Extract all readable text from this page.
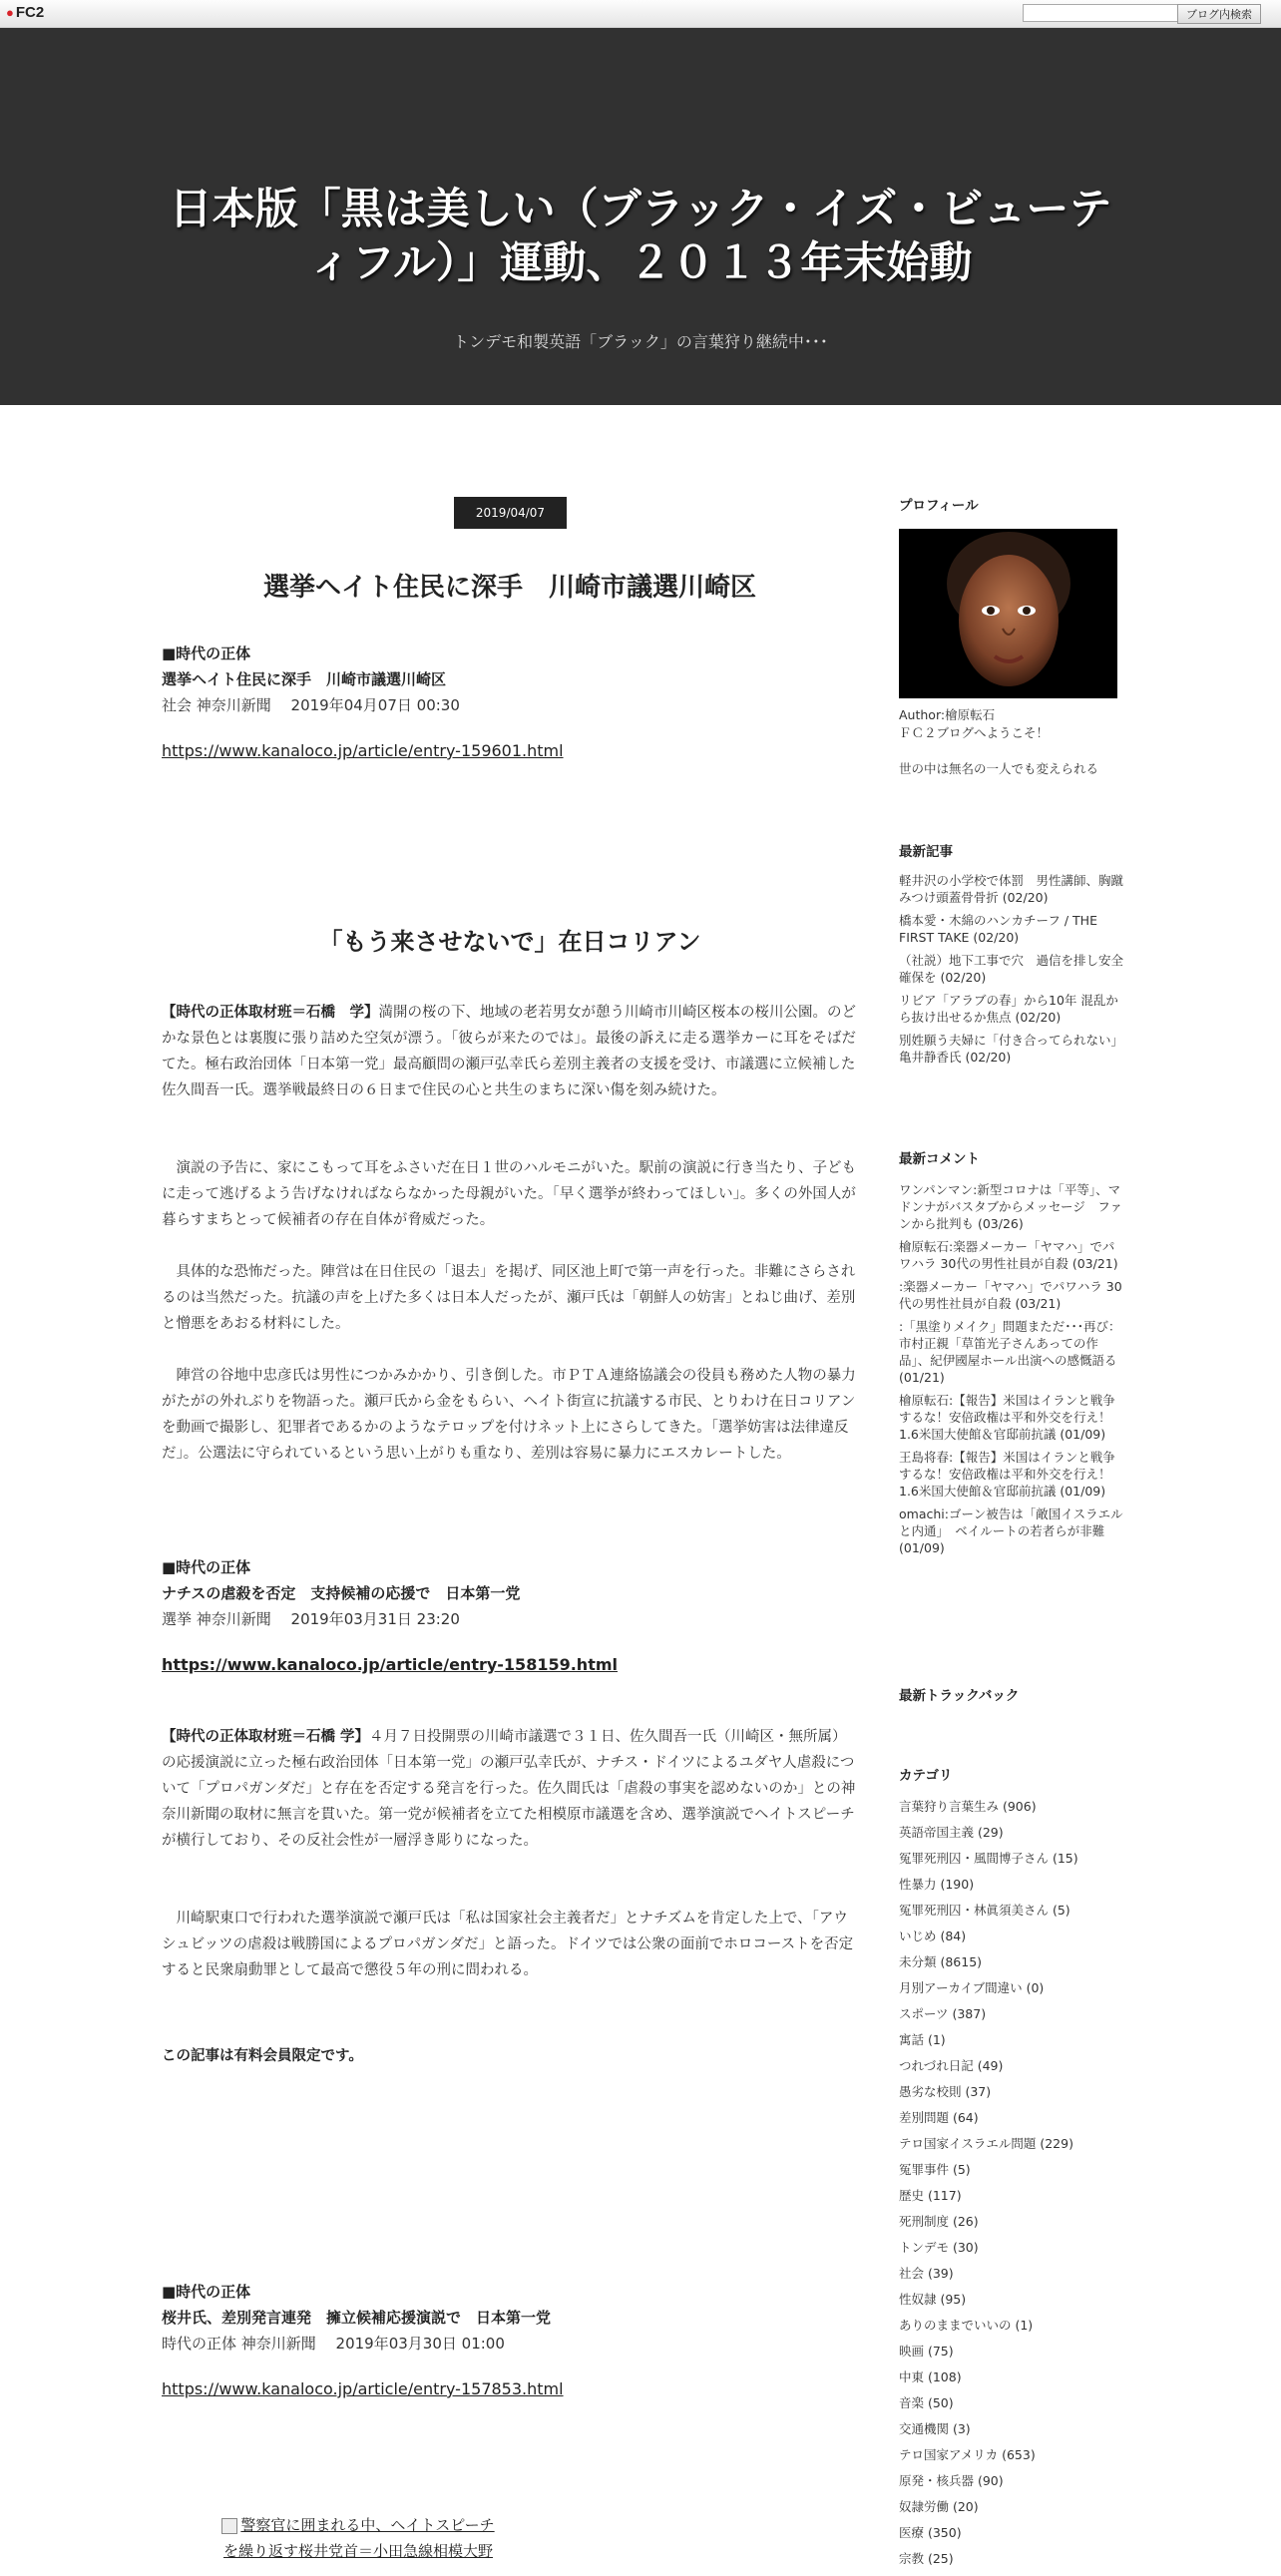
● FC2	ブログ内検索
日本版「黒は美しい（ブラック・イズ・ビューテ
ィフル）」運動、２０１３年末始動
トンデモ和製英語「ブラック」の言葉狩り継続中･･･
2019/04/07
選挙ヘイト住民に深手　川崎市議選川崎区

■時代の正体

選挙ヘイト住民に深手　川崎市議選川崎区

社会 神奈川新聞　 2019年04月07日 00:30

https://www.kanaloco.jp/article/entry-159601.html

「もう来させないで」在日コリアン

【時代の正体取材班＝石橋　学】満開の桜の下、地域の老若男女が憩う川崎市川崎区桜本の桜川公園。のどかな景色とは裏腹に張り詰めた空気が漂う。「彼らが来たのでは」。最後の訴えに走る選挙カーに耳をそばだてた。極右政治団体「日本第一党」最高顧問の瀬戸弘幸氏ら差別主義者の支援を受け、市議選に立候補した佐久間吾一氏。選挙戦最終日の６日まで住民の心と共生のまちに深い傷を刻み続けた。

　演説の予告に、家にこもって耳をふさいだ在日１世のハルモニがいた。駅前の演説に行き当たり、子どもに走って逃げるよう告げなければならなかった母親がいた。「早く選挙が終わってほしい」。多くの外国人が暮らすまちとって候補者の存在自体が脅威だった。

　具体的な恐怖だった。陣営は在日住民の「退去」を掲げ、同区池上町で第一声を行った。非難にさらされるのは当然だった。抗議の声を上げた多くは日本人だったが、瀬戸氏は「朝鮮人の妨害」とねじ曲げ、差別と憎悪をあおる材料にした。

　陣営の谷地中忠彦氏は男性につかみかかり、引き倒した。市ＰＴＡ連絡協議会の役員も務めた人物の暴力がたがの外れぶりを物語った。瀬戸氏から金をもらい、ヘイト街宣に抗議する市民、とりわけ在日コリアンを動画で撮影し、犯罪者であるかのようなテロップを付けネット上にさらしてきた。「選挙妨害は法律違反だ」。公選法に守られているという思い上がりも重なり、差別は容易に暴力にエスカレートした。

■時代の正体

ナチスの虐殺を否定　支持候補の応援で　日本第一党

選挙 神奈川新聞　 2019年03月31日 23:20

https://www.kanaloco.jp/article/entry-158159.html

【時代の正体取材班＝石橋 学】４月７日投開票の川崎市議選で３１日、佐久間吾一氏（川崎区・無所属）の応援演説に立った極右政治団体「日本第一党」の瀬戸弘幸氏が、ナチス・ドイツによるユダヤ人虐殺について「プロパガンダだ」と存在を否定する発言を行った。佐久間氏は「虐殺の事実を認めないのか」との神奈川新聞の取材に無言を貫いた。第一党が候補者を立てた相模原市議選を含め、選挙演説でヘイトスピーチが横行しており、その反社会性が一層浮き彫りになった。

　川崎駅東口で行われた選挙演説で瀬戸氏は「私は国家社会主義者だ」とナチズムを肯定した上で、「アウシュビッツの虐殺は戦勝国によるプロパガンダだ」と語った。ドイツでは公衆の面前でホロコーストを否定すると民衆扇動罪として最高で懲役５年の刑に問われる。

この記事は有料会員限定です。

■時代の正体

桜井氏、差別発言連発　擁立候補応援演説で　日本第一党

時代の正体 神奈川新聞　 2019年03月30日 01:00

https://www.kanaloco.jp/article/entry-157853.html

警察官に囲まれる中、ヘイトスピーチ
を繰り返す桜井党首＝小田急線相模大野
プロフィール
Author:檜原転石
ＦＣ２ブログへようこそ！
世の中は無名の一人でも変えられる
最新記事
軽井沢の小学校で体罰　男性講師、胸蹴みつけ頭蓋骨骨折 (02/20)
橋本愛・木綿のハンカチーフ / THE FIRST TAKE (02/20)
（社説）地下工事で穴　過信を排し安全確保を (02/20)
リビア「アラブの春」から10年 混乱から抜け出せるか焦点 (02/20)
別姓願う夫婦に「付き合ってられない」　亀井静香氏 (02/20)
最新コメント
ワンパンマン:新型コロナは「平等」、マドンナがバスタブからメッセージ　ファンから批判も (03/26)
檜原転石:楽器メーカー「ヤマハ」でパワハラ 30代の男性社員が自殺 (03/21)
:楽器メーカー「ヤマハ」でパワハラ 30代の男性社員が自殺 (03/21)
:「黒塗りメイク」問題まただ･･･再び：市村正親「草笛光子さんあっての作品」、紀伊國屋ホール出演への感慨語る (01/21)
檜原転石:【報告】米国はイランと戦争するな！安倍政権は平和外交を行え！1.6米国大使館＆官邸前抗議 (01/09)
王島将春:【報告】米国はイランと戦争するな！安倍政権は平和外交を行え！1.6米国大使館＆官邸前抗議 (01/09)
omachi:ゴーン被告は「敵国イスラエルと内通」　ベイルートの若者らが非難 (01/09)
最新トラックバック
カテゴリ
言葉狩り言葉生み (906)
英語帝国主義 (29)
冤罪死刑囚・風間博子さん (15)
性暴力 (190)
冤罪死刑囚・林眞須美さん (5)
いじめ (84)
未分類 (8615)
月別アーカイブ間違い (0)
スポーツ (387)
寓話 (1)
つれづれ日記 (49)
愚劣な校則 (37)
差別問題 (64)
テロ国家イスラエル問題 (229)
冤罪事件 (5)
歴史 (117)
死刑制度 (26)
トンデモ (30)
社会 (39)
性奴隷 (95)
ありのままでいいの (1)
映画 (75)
中東 (108)
音楽 (50)
交通機関 (3)
テロ国家アメリカ (653)
原発・核兵器 (90)
奴隷労働 (20)
医療 (350)
宗教 (25)
